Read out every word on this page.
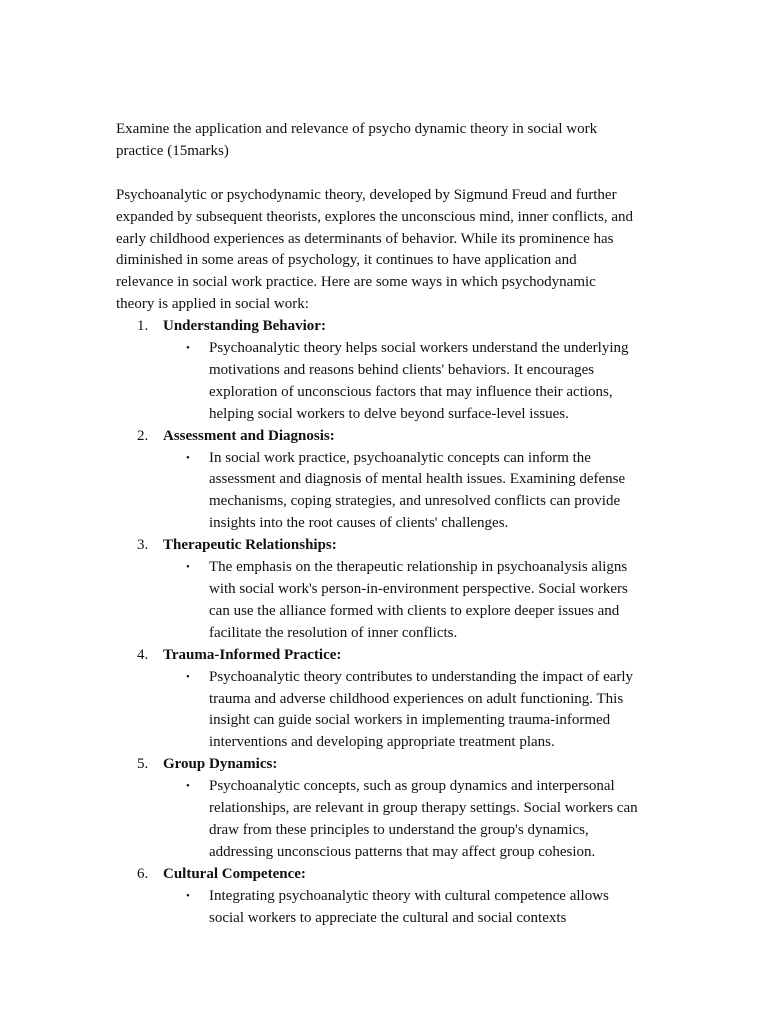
Examine the application and relevance of psycho dynamic theory in social work
practice (15marks)
Psychoanalytic or psychodynamic theory, developed by Sigmund Freud and further
expanded by subsequent theorists, explores the unconscious mind, inner conflicts, and
early childhood experiences as determinants of behavior. While its prominence has
diminished in some areas of psychology, it continues to have application and
relevance in social work practice. Here are some ways in which psychodynamic
theory is applied in social work:
1. Understanding Behavior:
• Psychoanalytic theory helps social workers understand the underlying
motivations and reasons behind clients' behaviors. It encourages
exploration of unconscious factors that may influence their actions,
helping social workers to delve beyond surface-level issues.
2. Assessment and Diagnosis:
• In social work practice, psychoanalytic concepts can inform the
assessment and diagnosis of mental health issues. Examining defense
mechanisms, coping strategies, and unresolved conflicts can provide
insights into the root causes of clients' challenges.
3. Therapeutic Relationships:
• The emphasis on the therapeutic relationship in psychoanalysis aligns
with social work's person-in-environment perspective. Social workers
can use the alliance formed with clients to explore deeper issues and
facilitate the resolution of inner conflicts.
4. Trauma-Informed Practice:
• Psychoanalytic theory contributes to understanding the impact of early
trauma and adverse childhood experiences on adult functioning. This
insight can guide social workers in implementing trauma-informed
interventions and developing appropriate treatment plans.
5. Group Dynamics:
• Psychoanalytic concepts, such as group dynamics and interpersonal
relationships, are relevant in group therapy settings. Social workers can
draw from these principles to understand the group's dynamics,
addressing unconscious patterns that may affect group cohesion.
6. Cultural Competence:
• Integrating psychoanalytic theory with cultural competence allows
social workers to appreciate the cultural and social contexts
